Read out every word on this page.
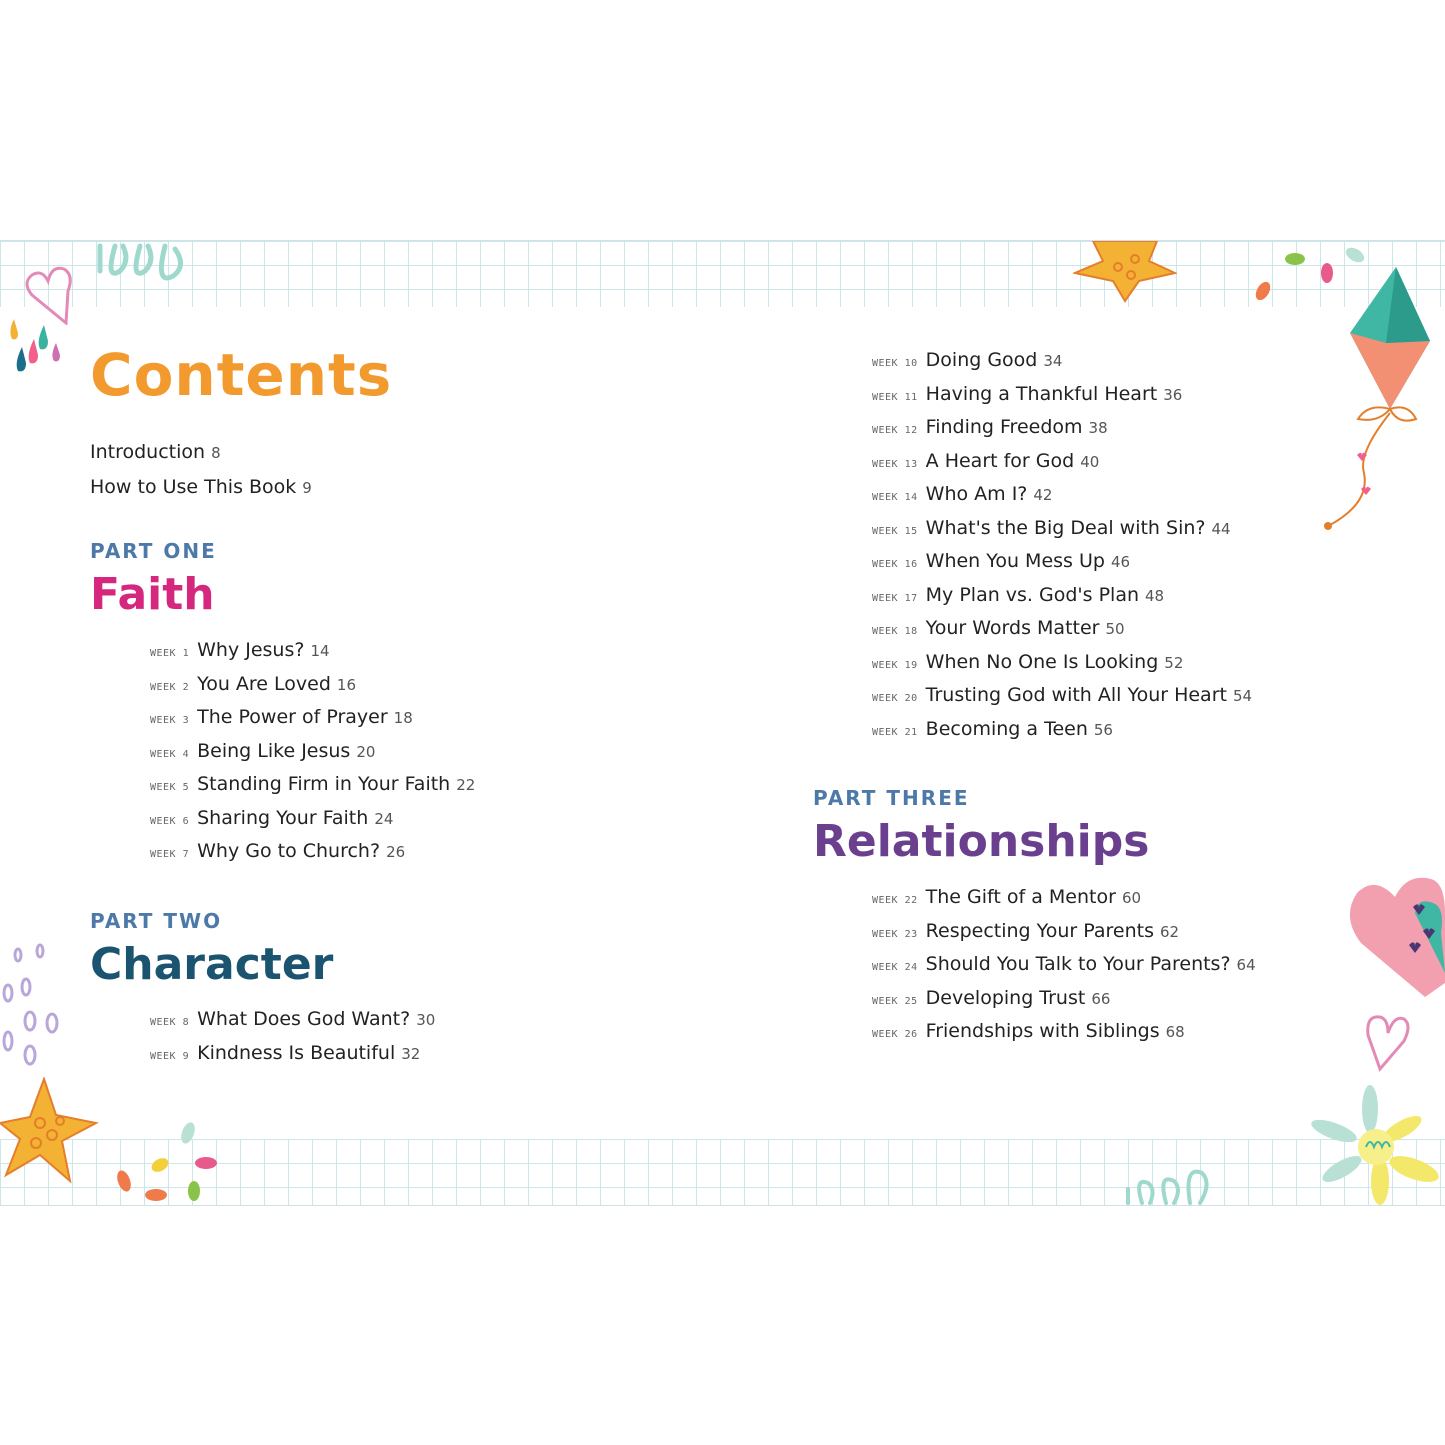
Contents
Introduction 8
How to Use This Book 9
PART ONE
Faith
WEEK 1 Why Jesus? 14
WEEK 2 You Are Loved 16
WEEK 3 The Power of Prayer 18
WEEK 4 Being Like Jesus 20
WEEK 5 Standing Firm in Your Faith 22
WEEK 6 Sharing Your Faith 24
WEEK 7 Why Go to Church? 26
PART TWO
Character
WEEK 8 What Does God Want? 30
WEEK 9 Kindness Is Beautiful 32
WEEK 10 Doing Good 34
WEEK 11 Having a Thankful Heart 36
WEEK 12 Finding Freedom 38
WEEK 13 A Heart for God 40
WEEK 14 Who Am I? 42
WEEK 15 What's the Big Deal with Sin? 44
WEEK 16 When You Mess Up 46
WEEK 17 My Plan vs. God's Plan 48
WEEK 18 Your Words Matter 50
WEEK 19 When No One Is Looking 52
WEEK 20 Trusting God with All Your Heart 54
WEEK 21 Becoming a Teen 56
PART THREE
Relationships
WEEK 22 The Gift of a Mentor 60
WEEK 23 Respecting Your Parents 62
WEEK 24 Should You Talk to Your Parents? 64
WEEK 25 Developing Trust 66
WEEK 26 Friendships with Siblings 68
